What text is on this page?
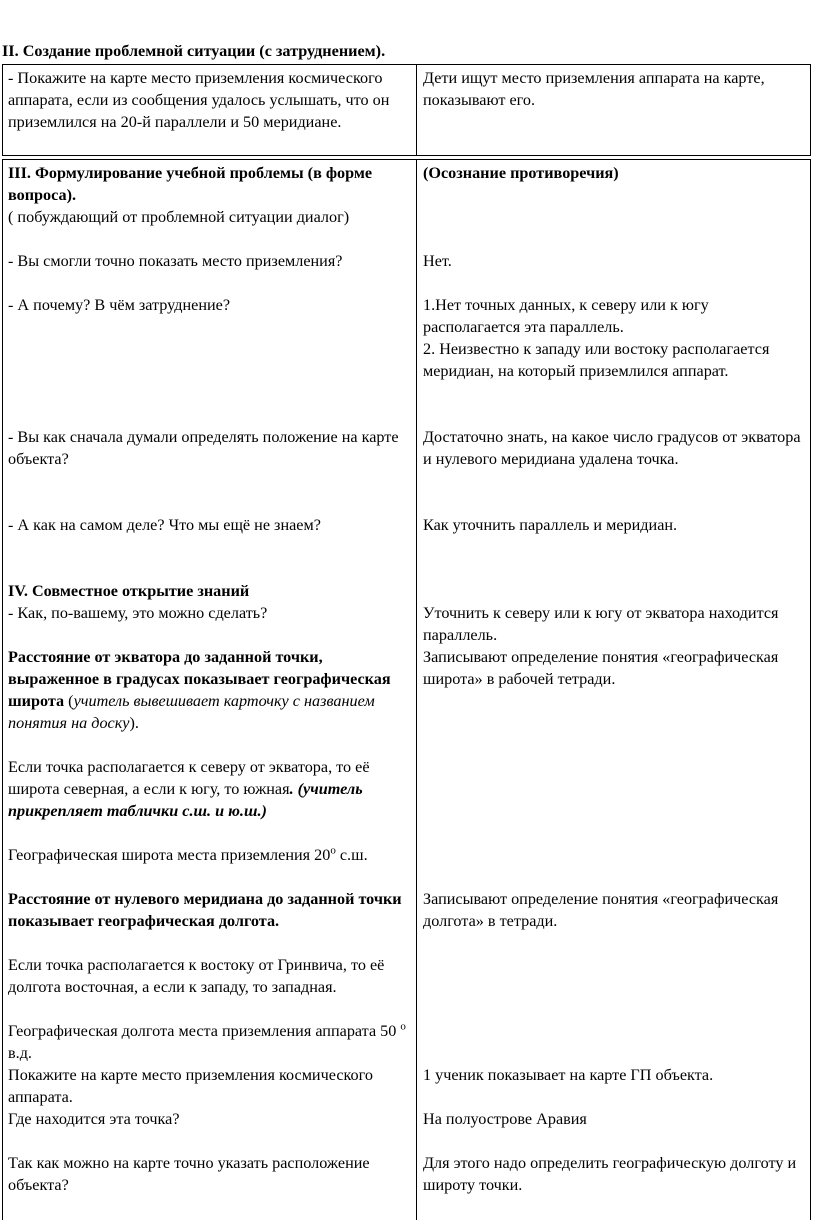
II. Создание проблемной ситуации (с затруднением).

- Покажите на карте место приземления космического аппарата, если из сообщения удалось услышать, что он приземлился на 20-й параллели и 50 меридиане.

Дети ищут место приземления аппарата на карте, показывают его.

III. Формулирование учебной проблемы (в форме вопроса).

( побуждающий от проблемной ситуации диалог)

- Вы смогли точно показать место приземления?

- А почему? В чём затруднение?

- Вы как сначала думали определять положение на карте объекта?

- А как на самом деле? Что мы ещё не знаем?

IV. Совместное открытие знаний

- Как, по-вашему, это можно сделать?

Расстояние от экватора до заданной точки, выраженное в градусах показывает географическая широта (учитель вывешивает карточку с названием понятия на доску).

Если точка располагается к северу от экватора, то её широта северная, а если к югу, то южная. (учитель прикрепляет таблички с.ш. и ю.ш.)

Географическая широта места приземления $20^о$ с.ш.

Расстояние от нулевого меридиана до заданной точки показывает географическая долгота.

Если точка располагается к востоку от Гринвича, то её долгота восточная, а если к западу, то западная.

Географическая долгота места приземления аппарата 50 $^о$ в.д.

Покажите на карте место приземления космического аппарата.

Где находится эта точка?

Так как можно на карте точно указать расположение объекта?

(Осознание противоречия)

Нет.

1.Нет точных данных, к северу или к югу располагается эта параллель.

2. Неизвестно к западу или востоку располагается меридиан, на который приземлился аппарат.

Достаточно знать, на какое число градусов от экватора и нулевого меридиана удалена точка.

Как уточнить параллель и меридиан.

Уточнить к северу или к югу от экватора находится параллель.

Записывают определение понятия «географическая широта» в рабочей тетради.

Записывают определение понятия «географическая долгота» в тетради.

1 ученик показывает на карте ГП объекта.

На полуострове Аравия

Для этого надо определить географическую долготу и широту точки.
